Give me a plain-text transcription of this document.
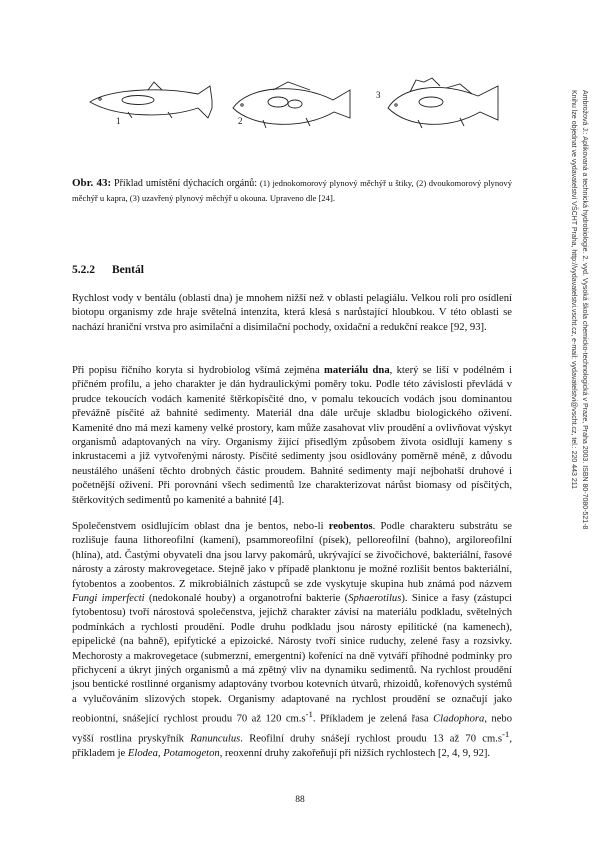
1	2
3
Obr. 43: Příklad umístění dýchacích orgánů: (1) jednokomorový plynový měchýř u štiky, (2) dvoukomorový plynový měchýř u kapra, (3) uzavřený plynový měchýř u okouna. Upraveno dle [24].
5.2.2 Bentál

Rychlost vody v bentálu (oblasti dna) je mnohem nižší než v oblasti pelagiálu. Velkou roli pro osídlení biotopu organismy zde hraje světelná intenzita, která klesá s narůstající hloubkou. V této oblasti se nachází hraniční vrstva pro asimilační a disimilační pochody, oxidační a redukční reakce [92, 93].

Při popisu říčního koryta si hydrobiolog všímá zejména materiálu dna, který se liší v podélném i příčném profilu, a jeho charakter je dán hydraulickými poměry toku. Podle této závislosti převládá v prudce tekoucích vodách kamenité štěrkopísčité dno, v pomalu tekoucích vodách jsou dominantou převážně písčité až bahnité sedimenty. Materiál dna dále určuje skladbu biologického oživení. Kamenité dno má mezi kameny velké prostory, kam může zasahovat vliv proudění a ovlivňovat výskyt organismů adaptovaných na víry. Organismy žijící přisedlým způsobem života osidlují kameny s inkrustacemi a již vytvořenými nárosty. Písčité sedimenty jsou osidlovány poměrně méně, z důvodu neustálého unášení těchto drobných částic proudem. Bahnité sedimenty mají nejbohatší druhové i početnější oživení. Při porovnání všech sedimentů lze charakterizovat nárůst biomasy od písčitých, štěrkovitých sedimentů po kamenité a bahnité [4].

Společenstvem osidlujícím oblast dna je bentos, nebo-li reobentos. Podle charakteru substrátu se rozlišuje fauna lithoreofilní (kamení), psammoreofilní (písek), pelloreofilní (bahno), argiloreofilní (hlína), atd. Častými obyvateli dna jsou larvy pakomárů, ukrývající se živočichové, bakteriální, řasové nárosty a zárosty makrovegetace. Stejně jako v případě planktonu je možné rozlišit bentos bakteriální, fytobentos a zoobentos. Z mikrobiálních zástupců se zde vyskytuje skupina hub známá pod názvem Fungi imperfecti (nedokonalé houby) a organotrofní bakterie (Sphaerotilus). Sinice a řasy (zástupci fytobentosu) tvoří nárostová společenstva, jejichž charakter závisí na materiálu podkladu, světelných podmínkách a rychlosti proudění. Podle druhu podkladu jsou nárosty epilitické (na kamenech), epipelické (na bahně), epifytické a epizoické. Nárosty tvoří sinice ruduchy, zelené řasy a rozsivky. Mechorosty a makrovegetace (submerzní, emergentní) kořenící na dně vytváří příhodné podmínky pro přichycení a úkryt jiných organismů a má zpětný vliv na dynamiku sedimentů. Na rychlost proudění jsou bentické rostlinné organismy adaptovány tvorbou kotevních útvarů, rhizoidů, kořenových systémů a vylučováním slizových stopek. Organismy adaptované na rychlost proudění se označují jako reobiontní, snášející rychlost proudu 70 až 120 $cm.s^{-1}$. Příkladem je zelená řasa Cladophora, nebo vyšší rostlina pryskyřník Ranunculus. Reofilní druhy snášejí rychlost proudu 13 až 70 $cm.s^{-1}$, příkladem je Elodea, Potamogeton, reoxenní druhy zakořeňují při nižších rychlostech [2, 4, 9, 92].

Ambrožová J.: Aplikovaná a technická hydrobiologie. 2. vyd. Vysoká škola chemicko-technologická v Praze, Praha 2003. ISBN 80-7080-521-8
Knihu lze objednat ve vydavatelství VŠCHT Praha, http://vydavatelstvi.vscht.cz, e-mail: vydavatelstvi@vscht.cz, tel.: 220 443 211
88
